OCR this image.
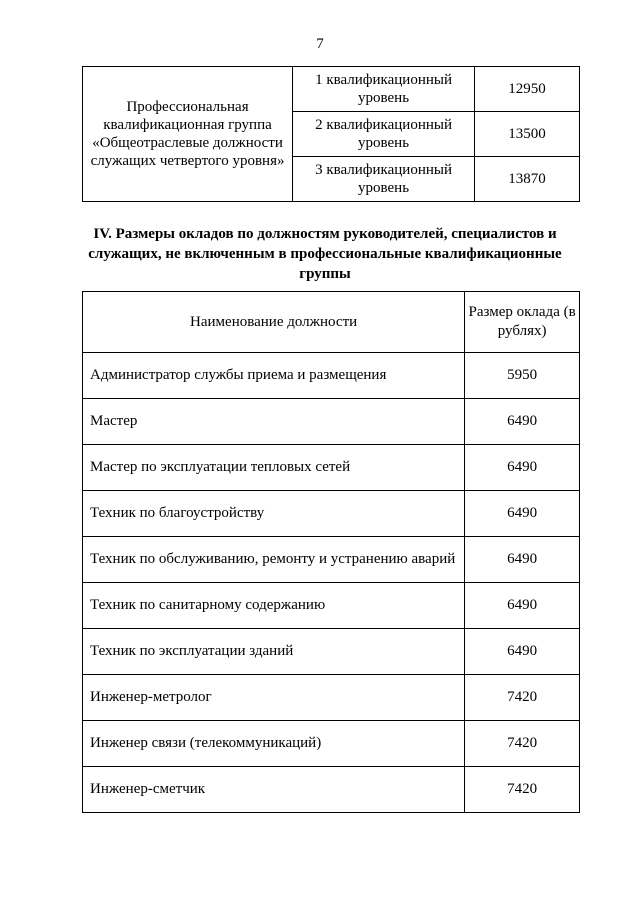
7
Профессиональная квалификационная группа «Общеотраслевые должности служащих четвертого уровня»	1 квалификационный уровень	12950
	2 квалификационный уровень	13500
	3 квалификационный уровень	13870
IV. Размеры окладов по должностям руководителей, специалистов и служащих, не включенным в профессиональные квалификационные группы
Наименование должности	Размер оклада (в рублях)
Администратор службы приема и размещения	5950
Мастер	6490
Мастер по эксплуатации тепловых сетей	6490
Техник по благоустройству	6490
Техник по обслуживанию, ремонту и устранению аварий	6490
Техник по санитарному содержанию	6490
Техник по эксплуатации зданий	6490
Инженер-метролог	7420
Инженер связи (телекоммуникаций)	7420
Инженер-сметчик	7420
